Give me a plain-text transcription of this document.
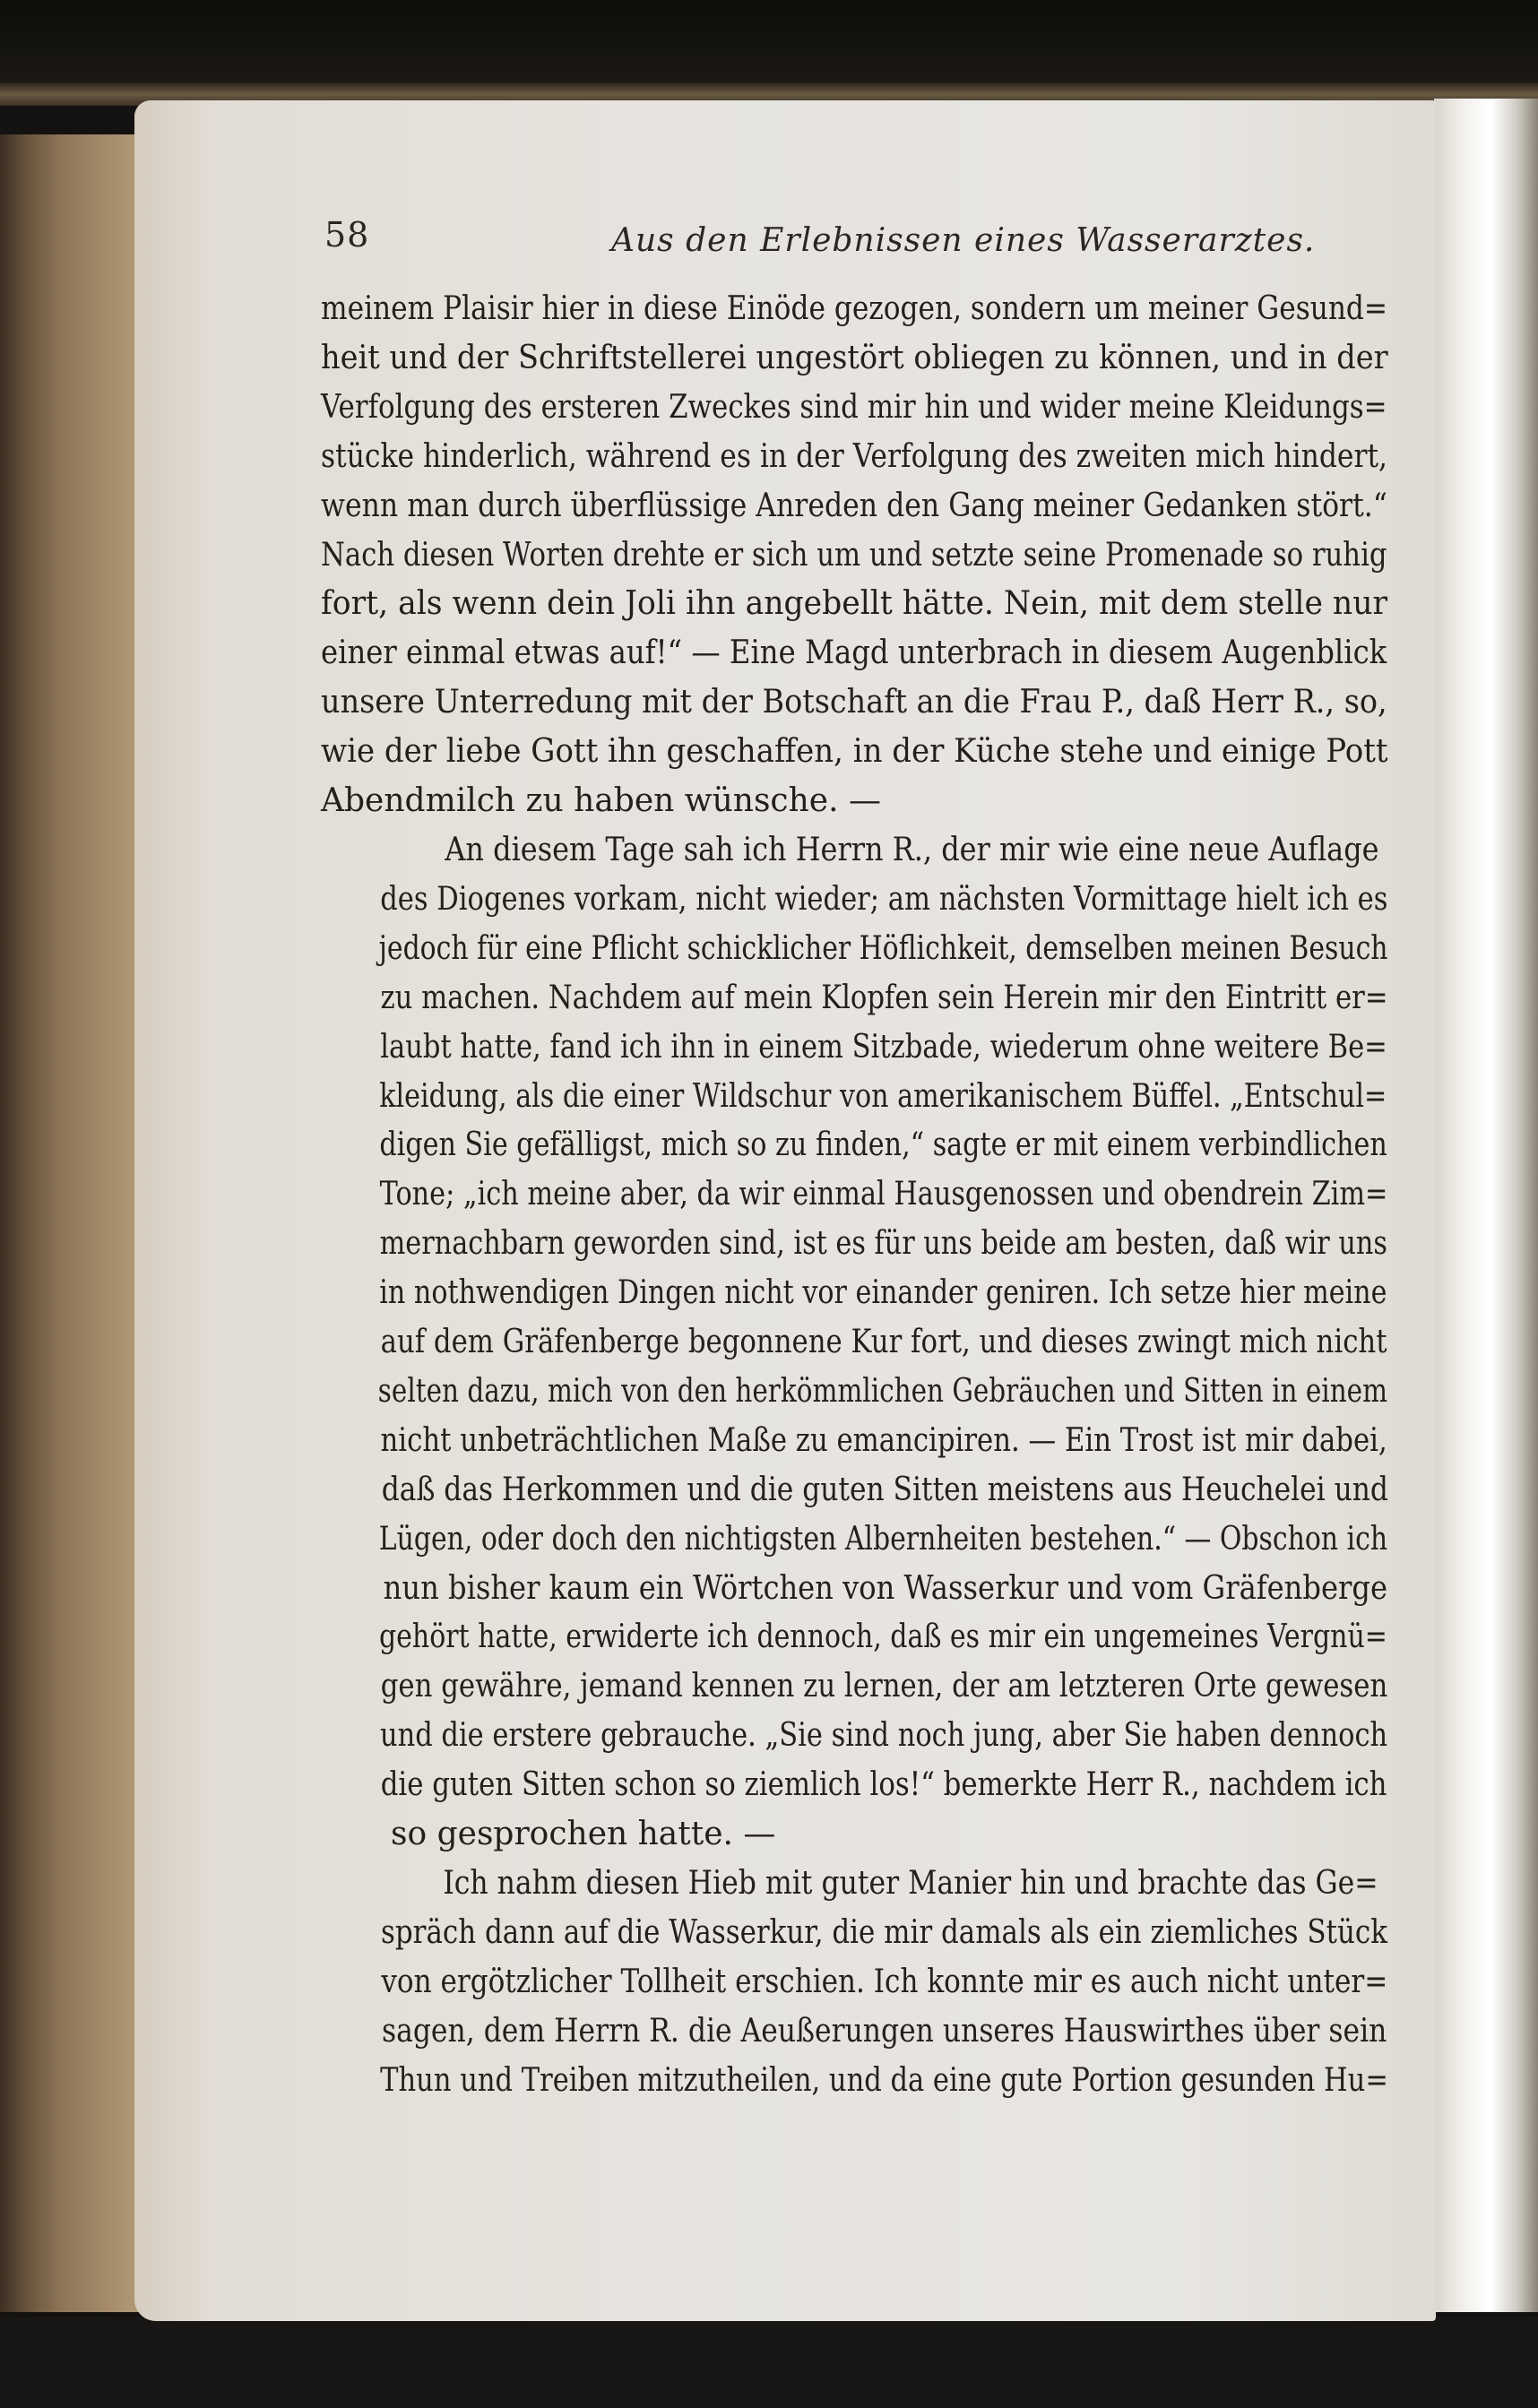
58	Aus den Erlebnissen eines Wasserarztes.
meinem Plaisir hier in diese Einöde gezogen, sondern um meiner Gesund=
heit und der Schriftstellerei ungestört obliegen zu können, und in der
Verfolgung des ersteren Zweckes sind mir hin und wider meine Kleidungs=
stücke hinderlich, während es in der Verfolgung des zweiten mich hindert,
wenn man durch überflüssige Anreden den Gang meiner Gedanken stört.“
Nach diesen Worten drehte er sich um und setzte seine Promenade so ruhig
fort, als wenn dein Joli ihn angebellt hätte. Nein, mit dem stelle nur
einer einmal etwas auf!“ — Eine Magd unterbrach in diesem Augenblick
unsere Unterredung mit der Botschaft an die Frau P., daß Herr R., so,
wie der liebe Gott ihn geschaffen, in der Küche stehe und einige Pott
Abendmilch zu haben wünsche. —
An diesem Tage sah ich Herrn R., der mir wie eine neue Auflage
des Diogenes vorkam, nicht wieder; am nächsten Vormittage hielt ich es
jedoch für eine Pflicht schicklicher Höflichkeit, demselben meinen Besuch
zu machen. Nachdem auf mein Klopfen sein Herein mir den Eintritt er=
laubt hatte, fand ich ihn in einem Sitzbade, wiederum ohne weitere Be=
kleidung, als die einer Wildschur von amerikanischem Büffel. „Entschul=
digen Sie gefälligst, mich so zu finden,“ sagte er mit einem verbindlichen
Tone; „ich meine aber, da wir einmal Hausgenossen und obendrein Zim=
mernachbarn geworden sind, ist es für uns beide am besten, daß wir uns
in nothwendigen Dingen nicht vor einander geniren. Ich setze hier meine
auf dem Gräfenberge begonnene Kur fort, und dieses zwingt mich nicht
selten dazu, mich von den herkömmlichen Gebräuchen und Sitten in einem
nicht unbeträchtlichen Maße zu emancipiren. — Ein Trost ist mir dabei,
daß das Herkommen und die guten Sitten meistens aus Heuchelei und
Lügen, oder doch den nichtigsten Albernheiten bestehen.“ — Obschon ich
nun bisher kaum ein Wörtchen von Wasserkur und vom Gräfenberge
gehört hatte, erwiderte ich dennoch, daß es mir ein ungemeines Vergnü=
gen gewähre, jemand kennen zu lernen, der am letzteren Orte gewesen
und die erstere gebrauche. „Sie sind noch jung, aber Sie haben dennoch
die guten Sitten schon so ziemlich los!“ bemerkte Herr R., nachdem ich
so gesprochen hatte. —
Ich nahm diesen Hieb mit guter Manier hin und brachte das Ge=
spräch dann auf die Wasserkur, die mir damals als ein ziemliches Stück
von ergötzlicher Tollheit erschien. Ich konnte mir es auch nicht unter=
sagen, dem Herrn R. die Aeußerungen unseres Hauswirthes über sein
Thun und Treiben mitzutheilen, und da eine gute Portion gesunden Hu=
